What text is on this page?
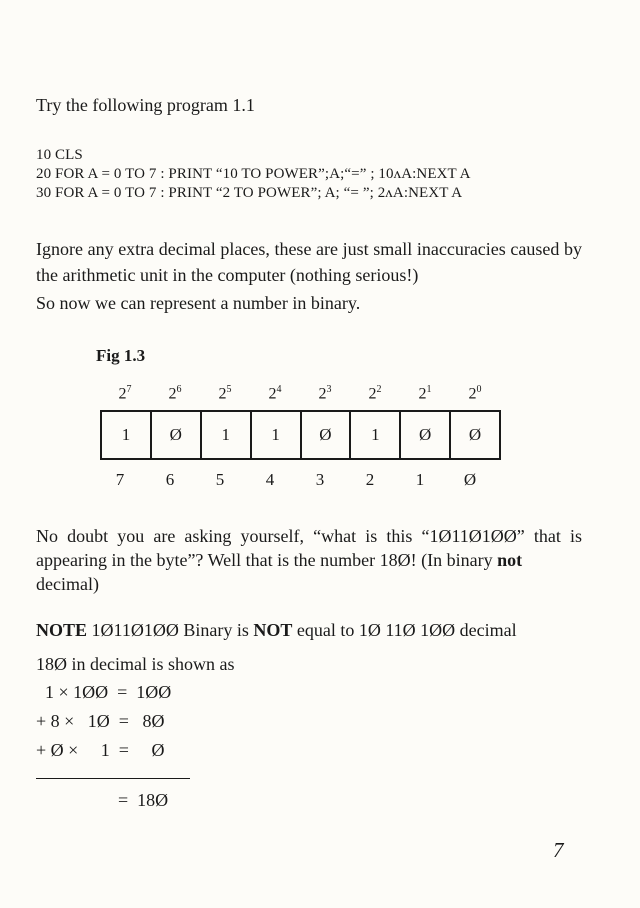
Try the following program 1.1
10 CLS
20 FOR A = 0 TO 7 : PRINT “10 TO POWER”;A;“=” ; 10ʌA:NEXT A
30 FOR A = 0 TO 7 : PRINT “2 TO POWER”; A; “= ”; 2ʌA:NEXT A
Ignore any extra decimal places, these are just small inaccuracies caused by the arithmetic unit in the computer (nothing serious!)
So now we can represent a number in binary.
Fig 1.3
$2^7$	$2^6$	$2^5$	$2^4$	$2^3$	$2^2$	$2^1$	$2^0$
1	Ø	1	1	Ø	1	Ø	Ø
7	6	5	4	3	2	1	Ø
No doubt you are asking yourself, “what is this “1Ø11Ø1ØØ” that is appearing in the byte”? Well that is the number 18Ø! (In binary not
decimal)
NOTE 1Ø11Ø1ØØ Binary is NOT equal to 1Ø 11Ø 1ØØ decimal
18Ø in decimal is shown as
1 × 1ØØ  =  1ØØ
+ 8 ×   1Ø  =   8Ø
+ Ø ×     1  =     Ø
=  18Ø
7
